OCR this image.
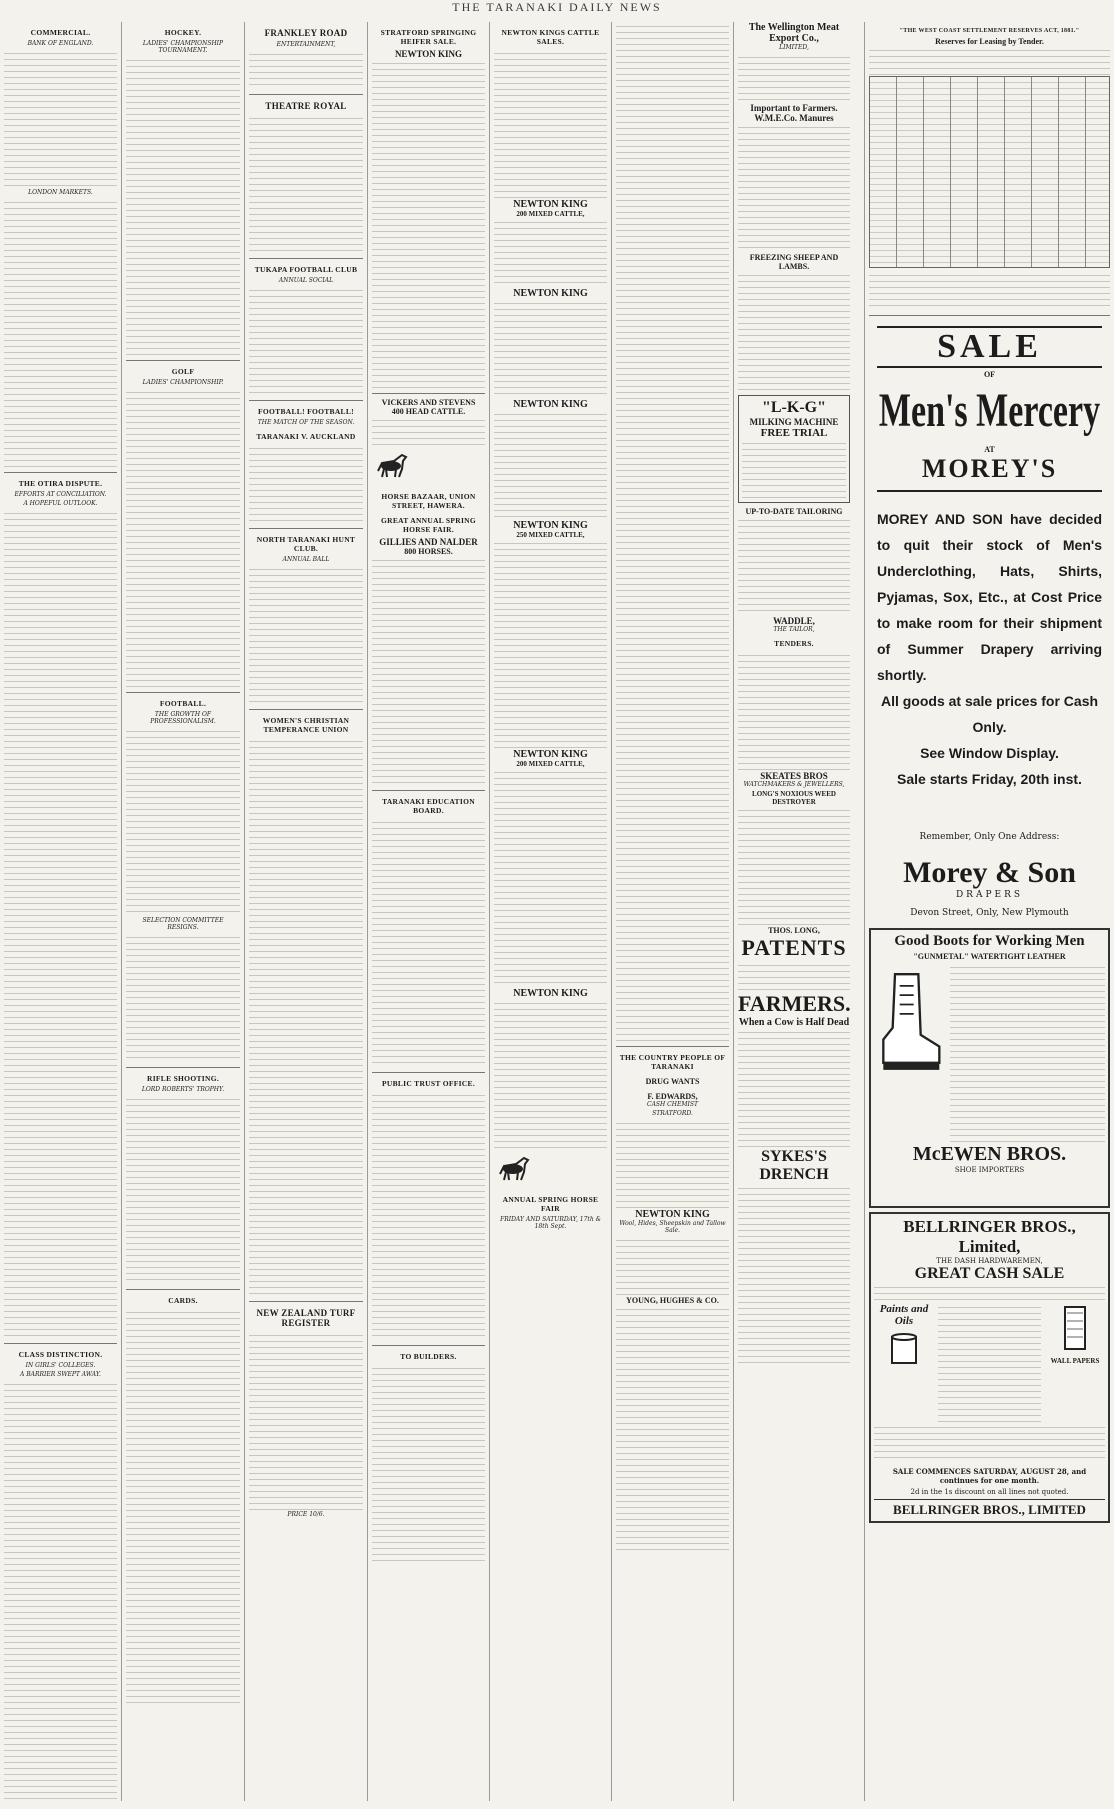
THE TARANAKI DAILY NEWS
COMMERCIAL.
BANK OF ENGLAND.
LONDON MARKETS.
THE OTIRA DISPUTE.
EFFORTS AT CONCILIATION.
A HOPEFUL OUTLOOK.
CLASS DISTINCTION.
IN GIRLS' COLLEGES.
A BARRIER SWEPT AWAY.
HOCKEY.
LADIES' CHAMPIONSHIP TOURNAMENT.
GOLF
LADIES' CHAMPIONSHIP.
FOOTBALL.
THE GROWTH OF PROFESSIONALISM.
SELECTION COMMITTEE RESIGNS.
RIFLE SHOOTING.
LORD ROBERTS' TROPHY.
CARDS.
FRANKLEY ROAD
ENTERTAINMENT,
THEATRE ROYAL
TUKAPA FOOTBALL CLUB
ANNUAL SOCIAL
FOOTBALL! FOOTBALL!
THE MATCH OF THE SEASON.
TARANAKI V. AUCKLAND
NORTH TARANAKI HUNT CLUB.
ANNUAL BALL
WOMEN'S CHRISTIAN TEMPERANCE UNION
NEW ZEALAND TURF REGISTER
PRICE 10/6.
STRATFORD SPRINGING HEIFER SALE.
NEWTON KING
VICKERS AND STEVENS
400 HEAD CATTLE.
HORSE BAZAAR, UNION STREET, HAWERA.
GREAT ANNUAL SPRING HORSE FAIR.
GILLIES AND NALDER
800 HORSES.
TARANAKI EDUCATION BOARD.
PUBLIC TRUST OFFICE.
TO BUILDERS.
NEWTON KINGS CATTLE SALES.
NEWTON KING
200 MIXED CATTLE,
NEWTON KING
NEWTON KING
NEWTON KING
250 MIXED CATTLE,
NEWTON KING
200 MIXED CATTLE,
NEWTON KING
ANNUAL SPRING HORSE FAIR
FRIDAY AND SATURDAY, 17th & 18th Sept.
THE COUNTRY PEOPLE OF TARANAKI
DRUG WANTS
F. EDWARDS,
CASH CHEMIST
STRATFORD.
NEWTON KING
Wool, Hides, Sheepskin and Tallow Sale.
YOUNG, HUGHES & CO.
The Wellington Meat Export Co.,
LIMITED,
Important to Farmers.
W.M.E.Co. Manures
FREEZING SHEEP AND LAMBS.
"L-K-G"
MILKING MACHINE
FREE TRIAL
UP-TO-DATE TAILORING
WADDLE,
THE TAILOR,
TENDERS.
SKEATES BROS
WATCHMAKERS & JEWELLERS,
LONG'S NOXIOUS WEED DESTROYER
THOS. LONG,
PATENTS
FARMERS.
When a Cow is Half Dead
SYKES'S DRENCH
"THE WEST COAST SETTLEMENT RESERVES ACT, 1881."
Reserves for Leasing by Tender.
SALE
OF
Men's Mercery
AT
MOREY'S
MOREY AND SON have decided to quit their stock of Men's Underclothing, Hats, Shirts, Pyjamas, Sox, Etc., at Cost Price to make room for their shipment of Summer Drapery arriving shortly.
All goods at sale prices for Cash Only.
See Window Display.
Sale starts Friday, 20th inst.
Remember, Only One Address:
Morey & Son
DRAPERS
Devon Street, Only, New Plymouth
Good Boots for Working Men
"GUNMETAL" WATERTIGHT LEATHER
McEWEN BROS.
SHOE IMPORTERS
BELLRINGER BROS., Limited,
THE DASH HARDWAREMEN,
GREAT CASH SALE
Paints and Oils
WALL PAPERS
SALE COMMENCES SATURDAY, AUGUST 28, and continues for one month.
2d in the 1s discount on all lines not quoted.
BELLRINGER BROS., LIMITED
